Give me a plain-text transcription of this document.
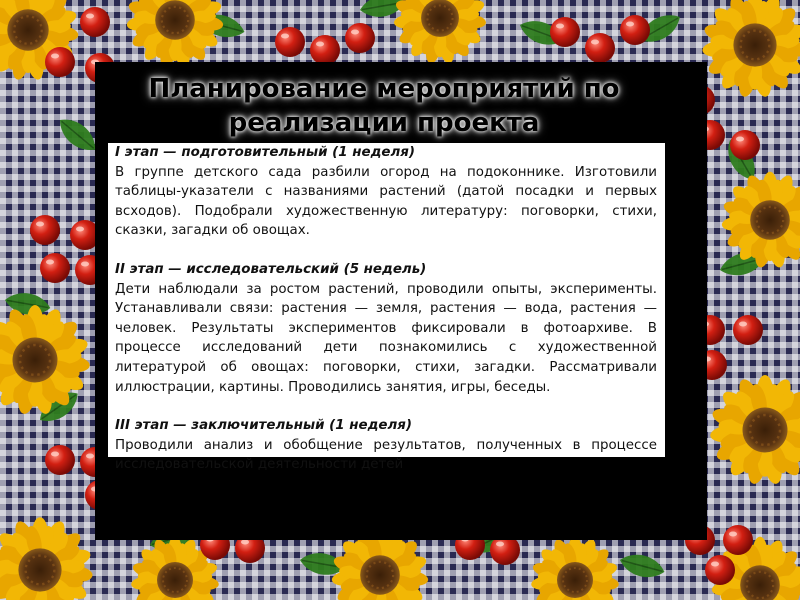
Планирование мероприятий по реализации проекта

I этап — подготовительный (1 неделя)

В группе детского сада разбили огород на подоконнике. Изготовили таблицы-указатели с названиями растений (датой посадки и первых всходов). Подобрали художественную литературу: поговорки, стихи, сказки, загадки об овощах.

II этап — исследовательский (5 недель)

Дети наблюдали за ростом растений, проводили опыты, эксперименты. Устанавливали связи: растения — земля, растения — вода, растения — человек. Результаты экспериментов фиксировали в фотоархиве. В процессе исследований дети познакомились с художественной литературой об овощах: поговорки, стихи, загадки. Рассматривали иллюстрации, картины. Проводились занятия, игры, беседы.

III этап — заключительный (1 неделя)

Проводили анализ и обобщение результатов, полученных в процессе исследовательской деятельности детей
